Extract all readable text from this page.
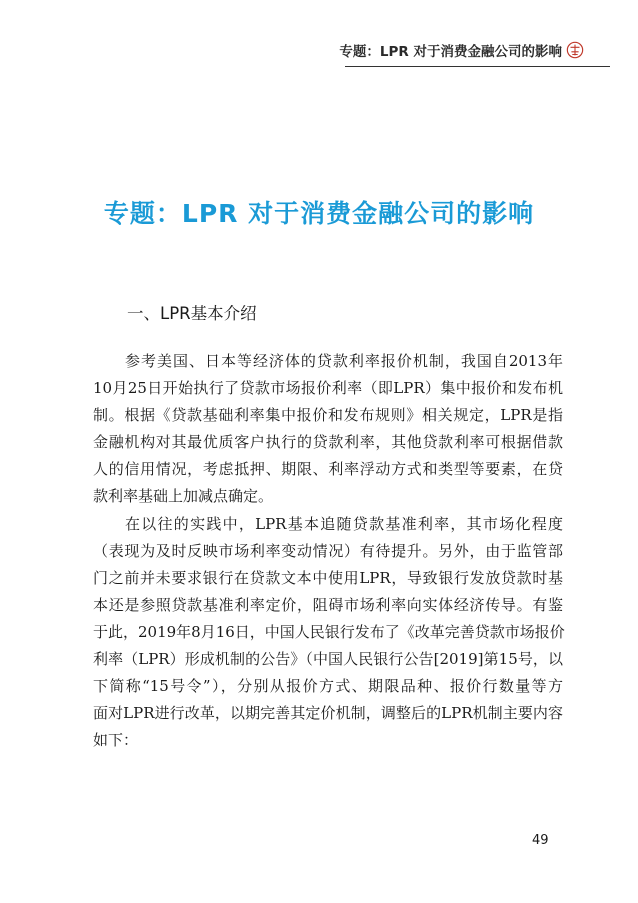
专题：LPR 对于消费金融公司的影响
专题：LPR 对于消费金融公司的影响
一、LPR基本介绍
参考美国、日本等经济体的贷款利率报价机制，我国自2013年
10月25日开始执行了贷款市场报价利率（即LPR）集中报价和发布机
制。根据《贷款基础利率集中报价和发布规则》相关规定，LPR是指
金融机构对其最优质客户执行的贷款利率，其他贷款利率可根据借款
人的信用情况，考虑抵押、期限、利率浮动方式和类型等要素，在贷
款利率基础上加减点确定。
在以往的实践中，LPR基本追随贷款基准利率，其市场化程度
（表现为及时反映市场利率变动情况）有待提升。另外，由于监管部
门之前并未要求银行在贷款文本中使用LPR，导致银行发放贷款时基
本还是参照贷款基准利率定价，阻碍市场利率向实体经济传导。有鉴
于此，2019年8月16日，中国人民银行发布了《改革完善贷款市场报价
利率（LPR）形成机制的公告》（中国人民银行公告[2019]第15号，以
下简称“15号令”），分别从报价方式、期限品种、报价行数量等方
面对LPR进行改革，以期完善其定价机制，调整后的LPR机制主要内容
如下：
49
